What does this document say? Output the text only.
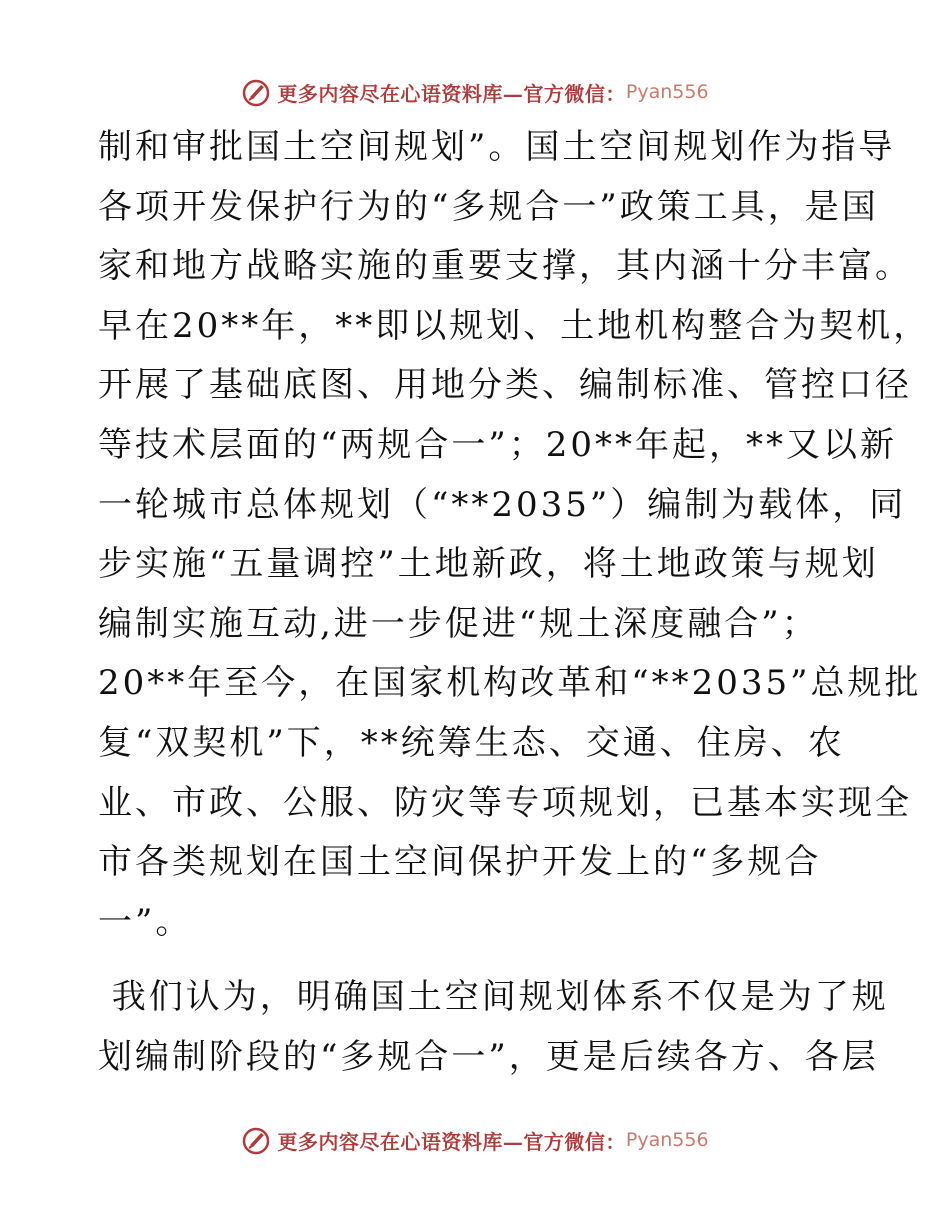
更多内容尽在心语资料库—官方微信： Pyan556
制和审批国土空间规划”。国土空间规划作为指导
各项开发保护行为的“多规合一”政策工具，是国
家和地方战略实施的重要支撑，其内涵十分丰富。
早在20**年，**即以规划、土地机构整合为契机，
开展了基础底图、用地分类、编制标准、管控口径
等技术层面的“两规合一”；20**年起，**又以新
一轮城市总体规划（“**2035”）编制为载体，同
步实施“五量调控”土地新政，将土地政策与规划
编制实施互动,进一步促进“规土深度融合”；
20**年至今，在国家机构改革和“**2035”总规批
复“双契机”下，**统筹生态、交通、住房、农
业、市政、公服、防灾等专项规划，已基本实现全
市各类规划在国土空间保护开发上的“多规合
一”。
我们认为，明确国土空间规划体系不仅是为了规
划编制阶段的“多规合一”，更是后续各方、各层
更多内容尽在心语资料库—官方微信： Pyan556
